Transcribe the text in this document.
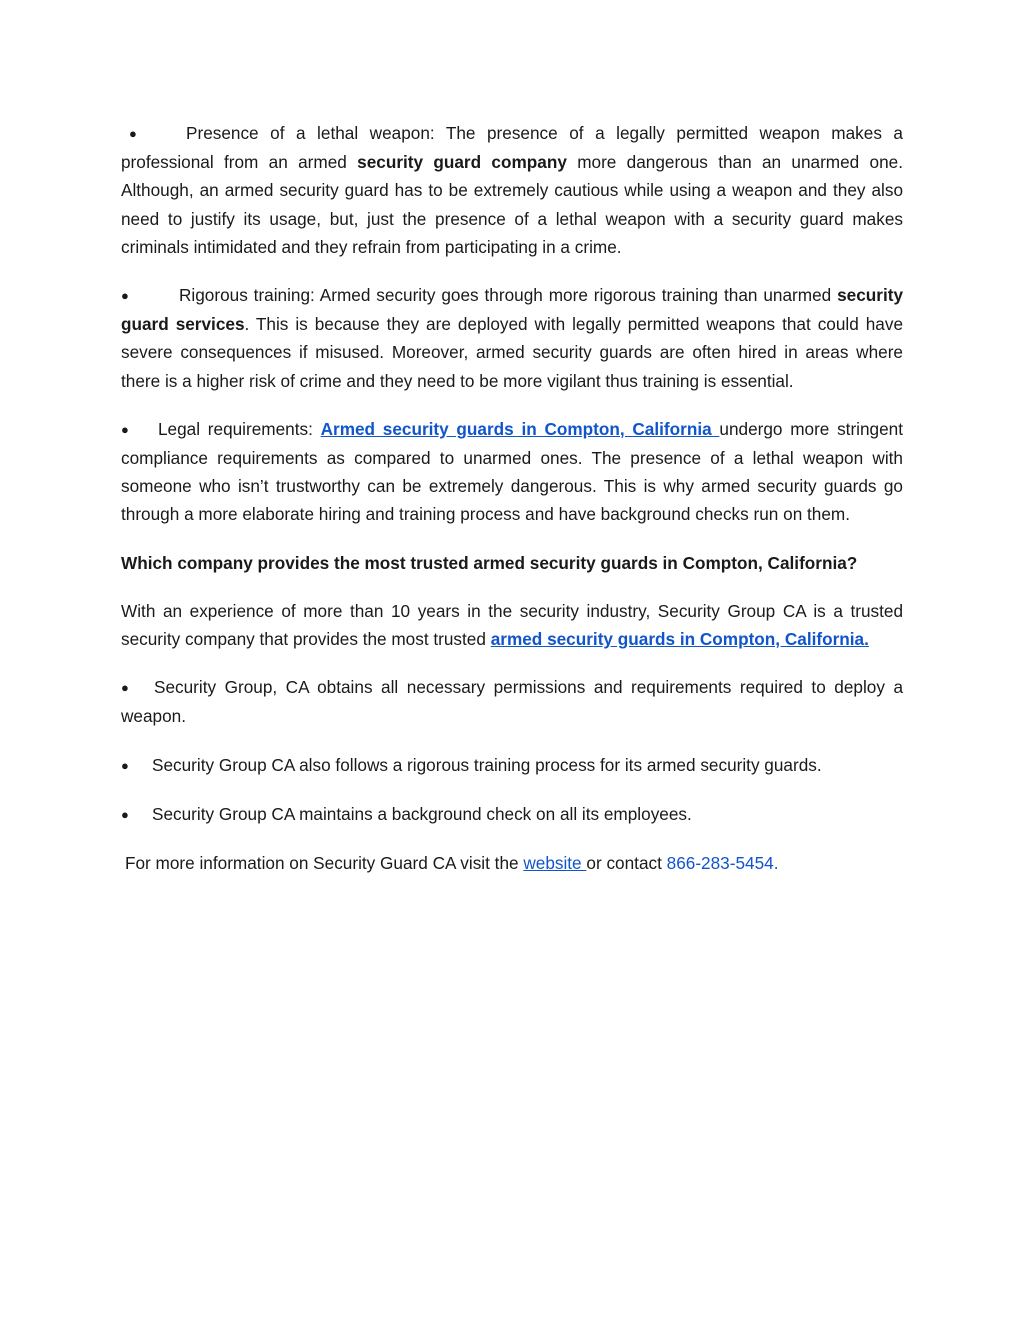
●	Presence of a lethal weapon: The presence of a legally permitted weapon makes a professional from an armed security guard company more dangerous than an unarmed one. Although, an armed security guard has to be extremely cautious while using a weapon and they also need to justify its usage, but, just the presence of a lethal weapon with a security guard makes criminals intimidated and they refrain from participating in a crime.

●	Rigorous training: Armed security goes through more rigorous training than unarmed security guard services. This is because they are deployed with legally permitted weapons that could have severe consequences if misused. Moreover, armed security guards are often hired in areas where there is a higher risk of crime and they need to be more vigilant thus training is essential.

● Legal requirements: Armed security guards in Compton, California undergo more stringent compliance requirements as compared to unarmed ones. The presence of a lethal weapon with someone who isn’t trustworthy can be extremely dangerous. This is why armed security guards go through a more elaborate hiring and training process and have background checks run on them.

Which company provides the most trusted armed security guards in Compton, California?

With an experience of more than 10 years in the security industry, Security Group CA is a trusted security company that provides the most trusted armed security guards in Compton, California.

● Security Group, CA obtains all necessary permissions and requirements required to deploy a weapon.

● Security Group CA also follows a rigorous training process for its armed security guards.

● Security Group CA maintains a background check on all its employees.

For more information on Security Guard CA visit the website or contact 866-283-5454.
